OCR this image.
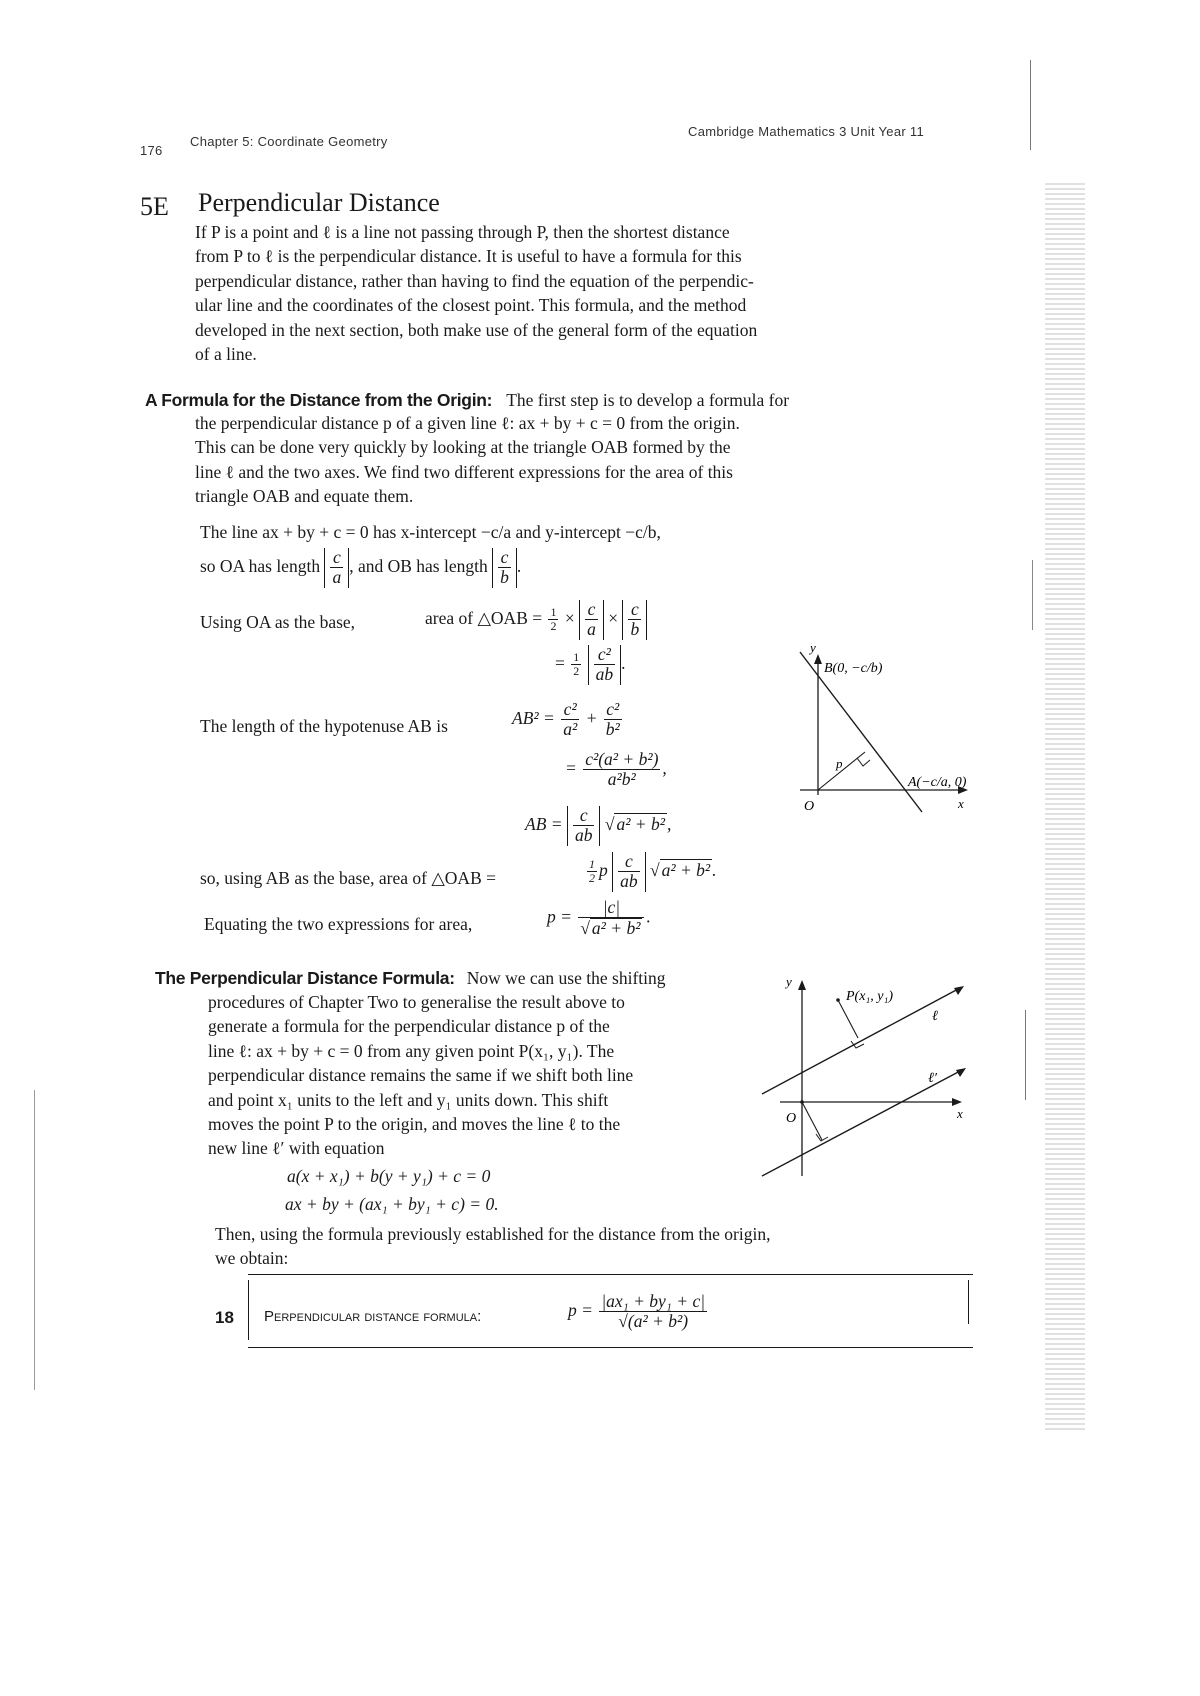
176
Chapter 5: Coordinate Geometry
Cambridge Mathematics 3 Unit Year 11
5E Perpendicular Distance
If P is a point and ℓ is a line not passing through P, then the shortest distance
from P to ℓ is the perpendicular distance. It is useful to have a formula for this
perpendicular distance, rather than having to find the equation of the perpendic-
ular line and the coordinates of the closest point. This formula, and the method
developed in the next section, both make use of the general form of the equation
of a line.
A Formula for the Distance from the Origin: The first step is to develop a formula for
the perpendicular distance p of a given line ℓ: ax + by + c = 0 from the origin.
This can be done very quickly by looking at the triangle OAB formed by the
line ℓ and the two axes. We find two different expressions for the area of this
triangle OAB and equate them.
The line ax + by + c = 0 has x-intercept −c/a and y-intercept −c/b,
so OA has length $\frac{c}{a}$ , and OB has length $\frac{c}{b}$ .
Using OA as the base,	area of △OAB = $\frac{1}{2} \times \frac{c}{a} \times \frac{c}{b}$
= $\frac{1}{2}$
$\frac{\text{c²}}{ab}$ .
The length of the hypotenuse AB is	$AB^2 = \frac{\text{c²}}{\text{a²}} + \frac{\text{c²}}{\text{b²}}$
= $\frac{\text{c²(a² + b²)}}{\text{a²b²}}$ ,
AB = $\frac{c}{ab}$ √ a² + b² ,
so, using AB as the base, area of △OAB =	$\frac{1}{2}$ p $\frac{c}{ab}$ √ a² + b² .
Equating the two expressions for area,	$p = \frac{|c|}{\text{√ a² + b²}}$ .
y
x
O
B(0, −c/b)
A(−c/a, 0)
p
The Perpendicular Distance Formula: Now we can use the shifting
procedures of Chapter Two to generalise the result above to
generate a formula for the perpendicular distance p of the
line ℓ: ax + by + c = 0 from any given point P(x₁, y₁). The
perpendicular distance remains the same if we shift both line
and point x₁ units to the left and y₁ units down. This shift
moves the point P to the origin, and moves the line ℓ to the
new line ℓ′ with equation
a(x + x₁) + b(y + y₁) + c = 0
ax + by + (ax₁ + by₁ + c) = 0.
Then, using the formula previously established for the distance from the origin,
we obtain:
y
x
O
P(x₁, y₁)
ℓ
ℓ′
18 Perpendicular distance formula:	$p = \frac{\text{|ax₁ + by₁ + c|}}{\text{√(a² + b²)}}$
